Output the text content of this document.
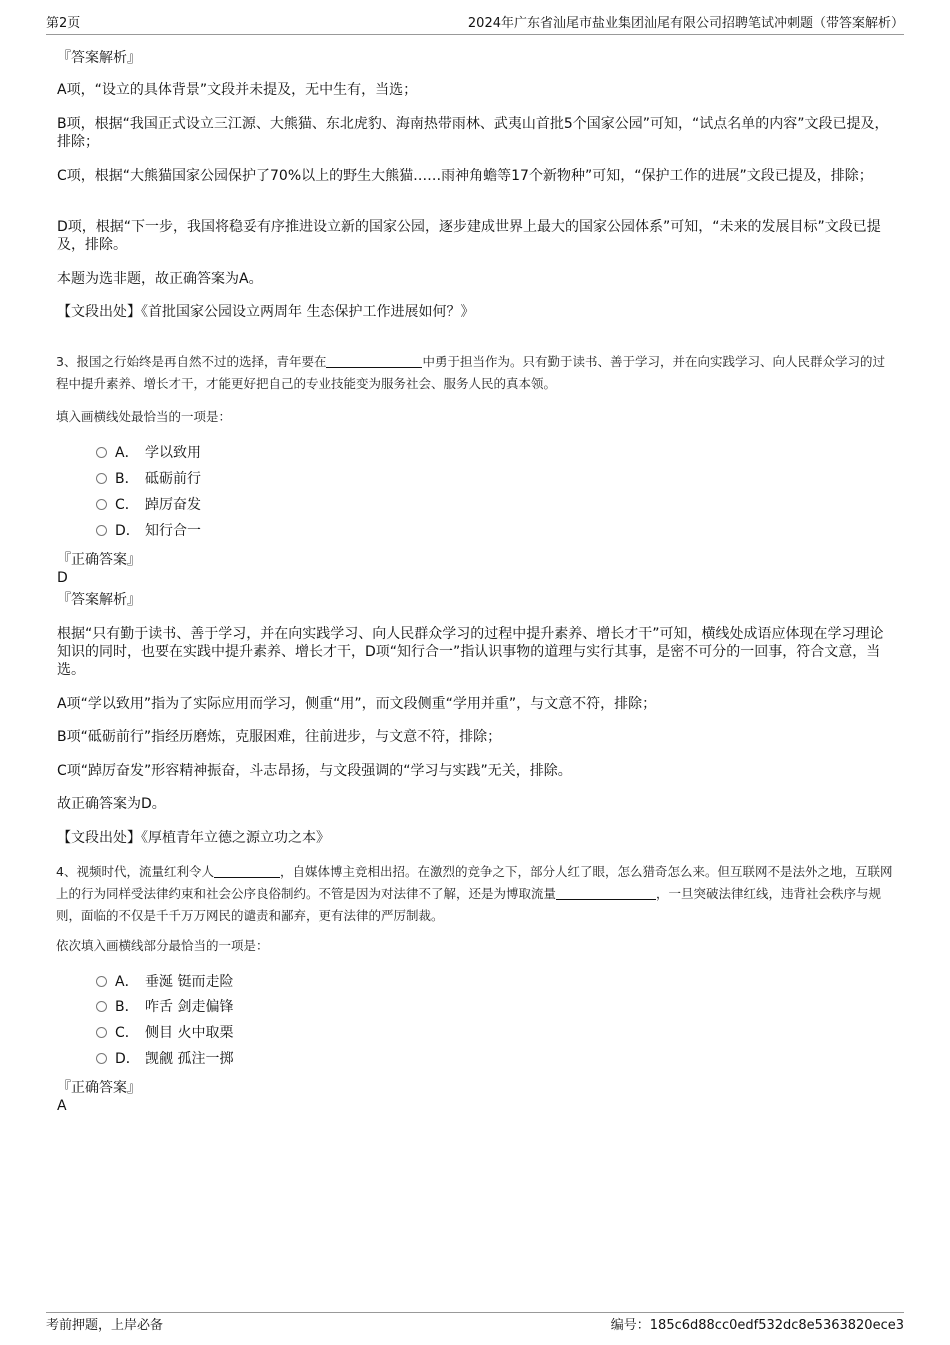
第2页	2024年广东省汕尾市盐业集团汕尾有限公司招聘笔试冲刺题（带答案解析）
『答案解析』
A项，“设立的具体背景”文段并未提及，无中生有，当选；
B项，根据“我国正式设立三江源、大熊猫、东北虎豹、海南热带雨林、武夷山首批5个国家公园”可知，“试点名单的内容”文段已提及，排除；
C项，根据“大熊猫国家公园保护了70%以上的野生大熊猫……雨神角蟾等17个新物种”可知，“保护工作的进展”文段已提及，排除；
D项，根据“下一步，我国将稳妥有序推进设立新的国家公园，逐步建成世界上最大的国家公园体系”可知，“未来的发展目标”文段已提及，排除。
本题为选非题，故正确答案为A。
【文段出处】《首批国家公园设立两周年 生态保护工作进展如何？》
3、报国之行始终是再自然不过的选择，青年要在	中勇于担当作为。只有勤于读书、善于学习，并在向实践学习、向人民群众学习的过程中提升素养、增长才干，才能更好把自己的专业技能变为服务社会、服务人民的真本领。
填入画横线处最恰当的一项是：
A． 学以致用
B． 砥砺前行
C． 踔厉奋发
D． 知行合一
『正确答案』
D
『答案解析』
根据“只有勤于读书、善于学习，并在向实践学习、向人民群众学习的过程中提升素养、增长才干”可知，横线处成语应体现在学习理论知识的同时，也要在实践中提升素养、增长才干，D项“知行合一”指认识事物的道理与实行其事，是密不可分的一回事，符合文意，当选。
A项“学以致用”指为了实际应用而学习，侧重“用”，而文段侧重“学用并重”，与文意不符，排除；
B项“砥砺前行”指经历磨炼，克服困难，往前进步，与文意不符，排除；
C项“踔厉奋发”形容精神振奋，斗志昂扬，与文段强调的“学习与实践”无关，排除。
故正确答案为D。
【文段出处】《厚植青年立德之源立功之本》
4、视频时代，流量红利令人	，自媒体博主竞相出招。在激烈的竞争之下，部分人红了眼，怎么猎奇怎么来。但互联网不是法外之地，互联网上的行为同样受法律约束和社会公序良俗制约。不管是因为对法律不了解，还是为博取流量	，一旦突破法律红线，违背社会秩序与规则，面临的不仅是千千万万网民的谴责和鄙弃，更有法律的严厉制裁。
依次填入画横线部分最恰当的一项是：
A． 垂涎 铤而走险
B． 咋舌 剑走偏锋
C． 侧目 火中取栗
D． 觊觎 孤注一掷
『正确答案』
A
考前押题，上岸必备	编号：185c6d88cc0edf532dc8e5363820ece3
